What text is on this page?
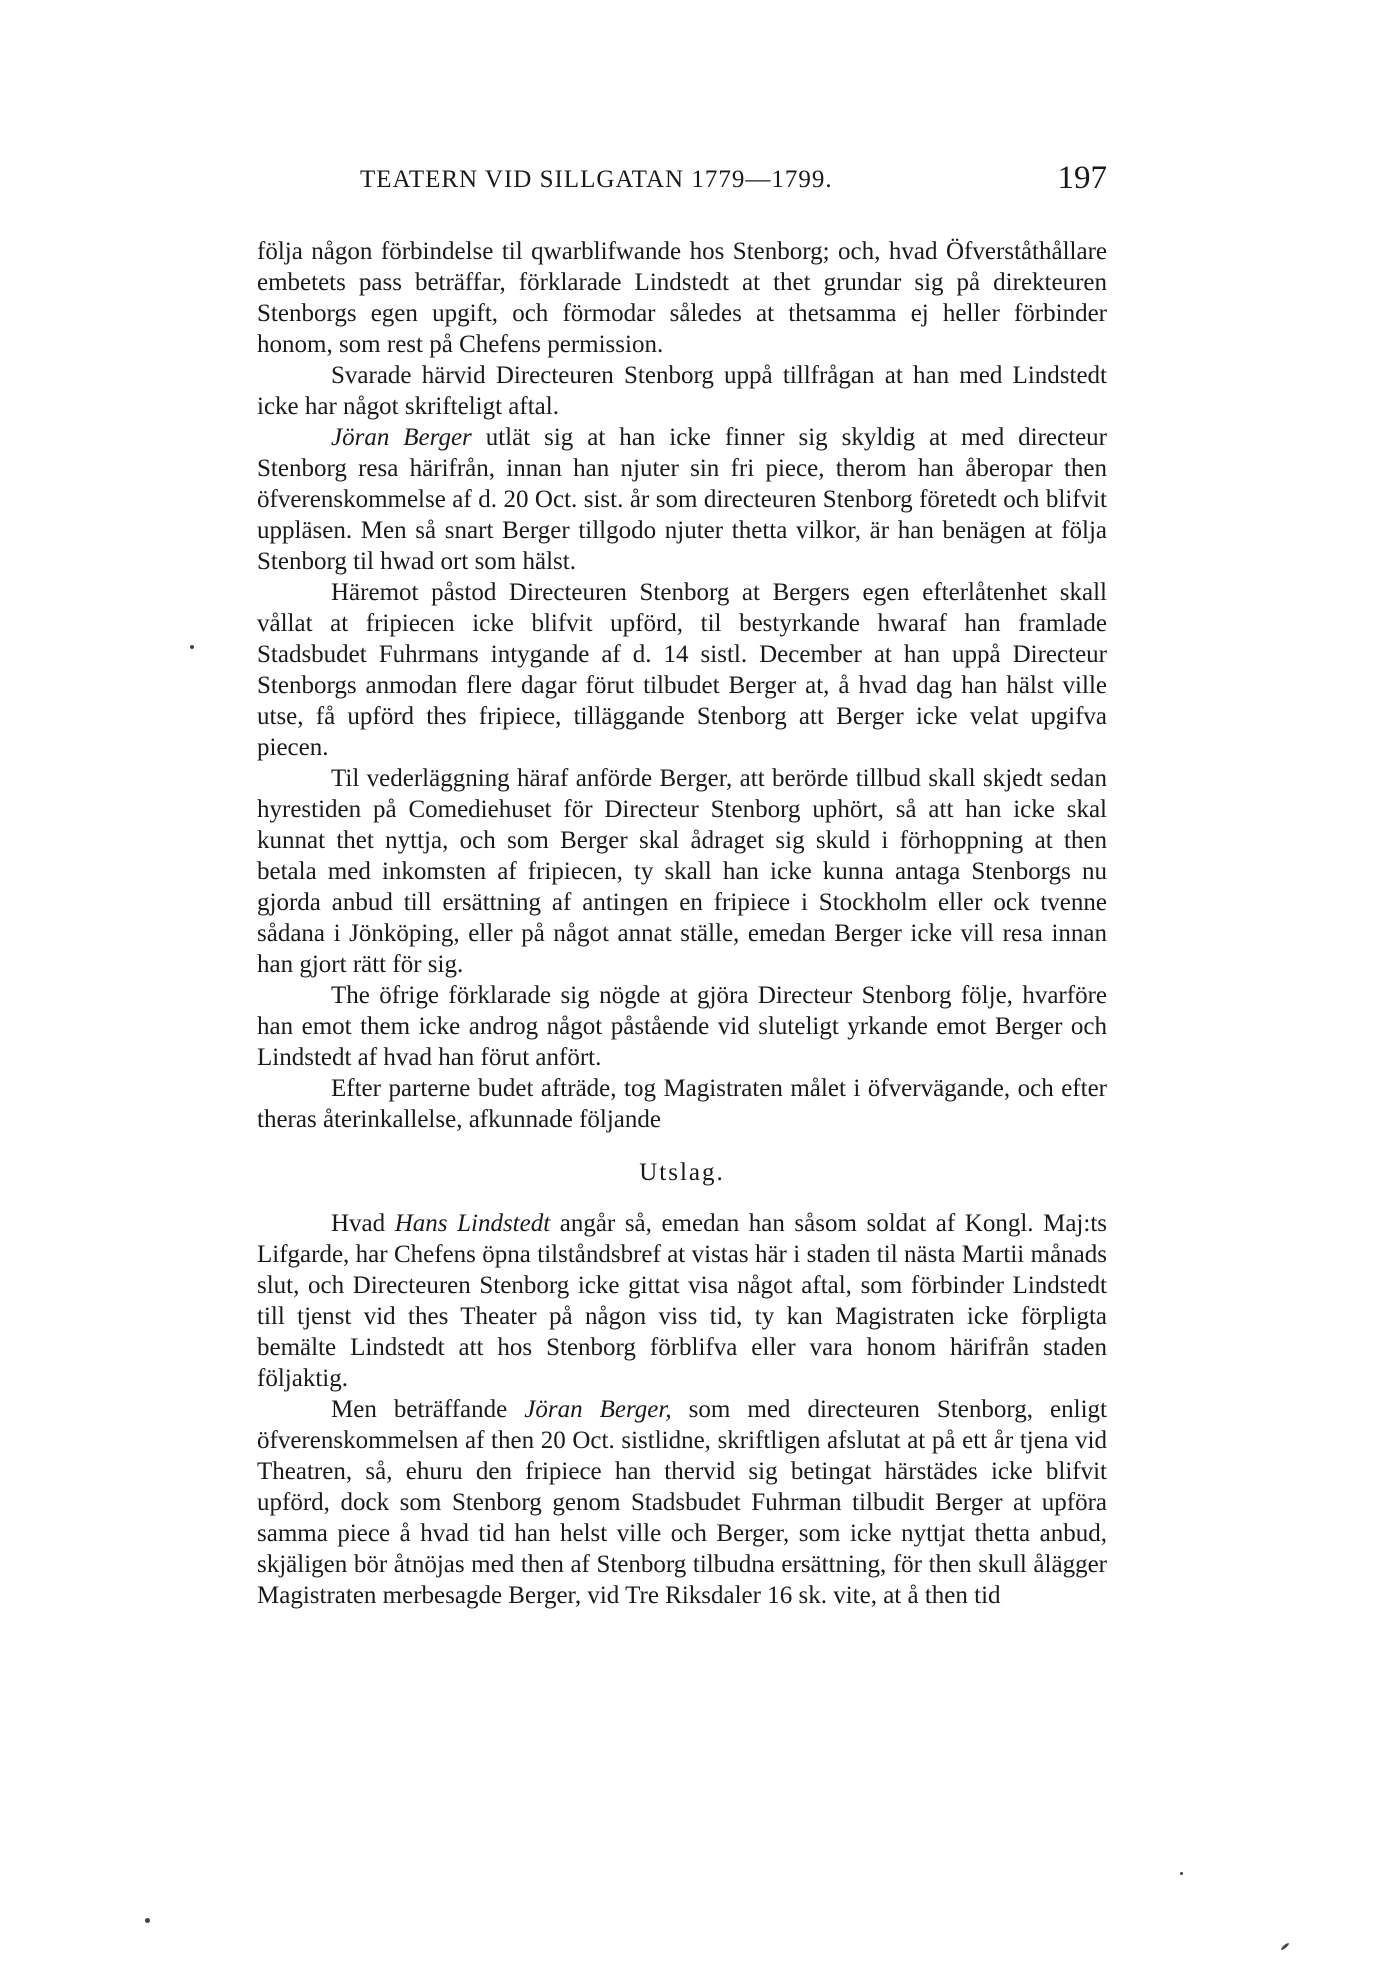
TEATERN VID SILLGATAN 1779—1799.	197

följa någon förbindelse til qwarblifwande hos Stenborg; och, hvad Öfverståthållare embetets pass beträffar, förklarade Lindstedt at thet grundar sig på direkteuren Stenborgs egen upgift, och förmodar således at thetsamma ej heller förbinder honom, som rest på Chefens permission.

Svarade härvid Directeuren Stenborg uppå tillfrågan at han med Lindstedt icke har något skrifteligt aftal.

Jöran Berger utlät sig at han icke finner sig skyldig at med directeur Stenborg resa härifrån, innan han njuter sin fri piece, therom han åberopar then öfverenskommelse af d. 20 Oct. sist. år som directeuren Stenborg företedt och blifvit uppläsen. Men så snart Berger tillgodo njuter thetta vilkor, är han benägen at följa Stenborg til hwad ort som hälst.

Häremot påstod Directeuren Stenborg at Bergers egen efterlåtenhet skall vållat at fripiecen icke blifvit upförd, til bestyrkande hwaraf han framlade Stadsbudet Fuhrmans intygande af d. 14 sistl. December at han uppå Directeur Stenborgs anmodan flere dagar förut tilbudet Berger at, å hvad dag han hälst ville utse, få upförd thes fripiece, tilläggande Stenborg att Berger icke velat upgifva piecen.

Til vederläggning häraf anförde Berger, att berörde tillbud skall skjedt sedan hyrestiden på Comediehuset för Directeur Stenborg uphört, så att han icke skal kunnat thet nyttja, och som Berger skal ådraget sig skuld i förhoppning at then betala med inkomsten af fripiecen, ty skall han icke kunna antaga Stenborgs nu gjorda anbud till ersättning af antingen en fripiece i Stockholm eller ock tvenne sådana i Jönköping, eller på något annat ställe, emedan Berger icke vill resa innan han gjort rätt för sig.

The öfrige förklarade sig nögde at gjöra Directeur Stenborg följe, hvarföre han emot them icke androg något påstående vid sluteligt yrkande emot Berger och Lindstedt af hvad han förut anfört.

Efter parterne budet afträde, tog Magistraten målet i öfvervägande, och efter theras återinkallelse, afkunnade följande

Utslag.

Hvad Hans Lindstedt angår så, emedan han såsom soldat af Kongl. Maj:ts Lifgarde, har Chefens öpna tilståndsbref at vistas här i staden til nästa Martii månads slut, och Directeuren Stenborg icke gittat visa något aftal, som förbinder Lindstedt till tjenst vid thes Theater på någon viss tid, ty kan Magistraten icke förpligta bemälte Lindstedt att hos Stenborg förblifva eller vara honom härifrån staden följaktig.

Men beträffande Jöran Berger, som med directeuren Stenborg, enligt öfverenskommelsen af then 20 Oct. sistlidne, skriftligen afslutat at på ett år tjena vid Theatren, så, ehuru den fripiece han thervid sig betingat härstädes icke blifvit upförd, dock som Stenborg genom Stadsbudet Fuhrman tilbudit Berger at upföra samma piece å hvad tid han helst ville och Berger, som icke nyttjat thetta anbud, skjäligen bör åtnöjas med then af Stenborg tilbudna ersättning, för then skull ålägger Magistraten merbesagde Berger, vid Tre Riksdaler 16 sk. vite, at å then tid
